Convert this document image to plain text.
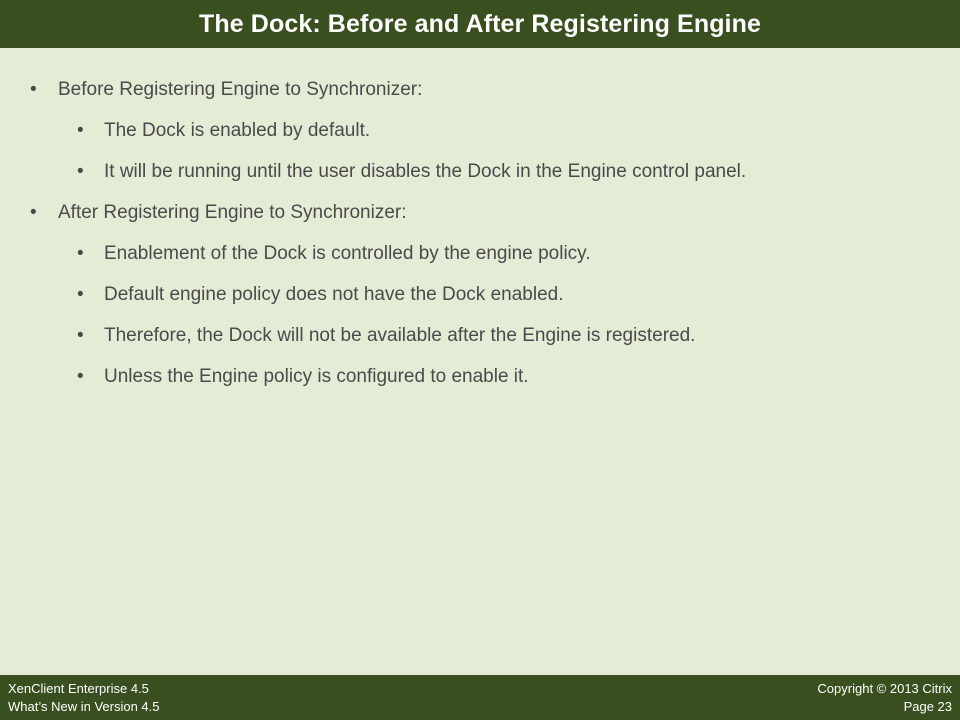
The Dock: Before and After Registering Engine
• Before Registering Engine to Synchronizer:
• The Dock is enabled by default.
• It will be running until the user disables the Dock in the Engine control panel.
• After Registering Engine to Synchronizer:
• Enablement of the Dock is controlled by the engine policy.
• Default engine policy does not have the Dock enabled.
• Therefore, the Dock will not be available after the Engine is registered.
• Unless the Engine policy is configured to enable it.
XenClient Enterprise 4.5
What’s New in Version 4.5
Copyright © 2013 Citrix
Page 23
